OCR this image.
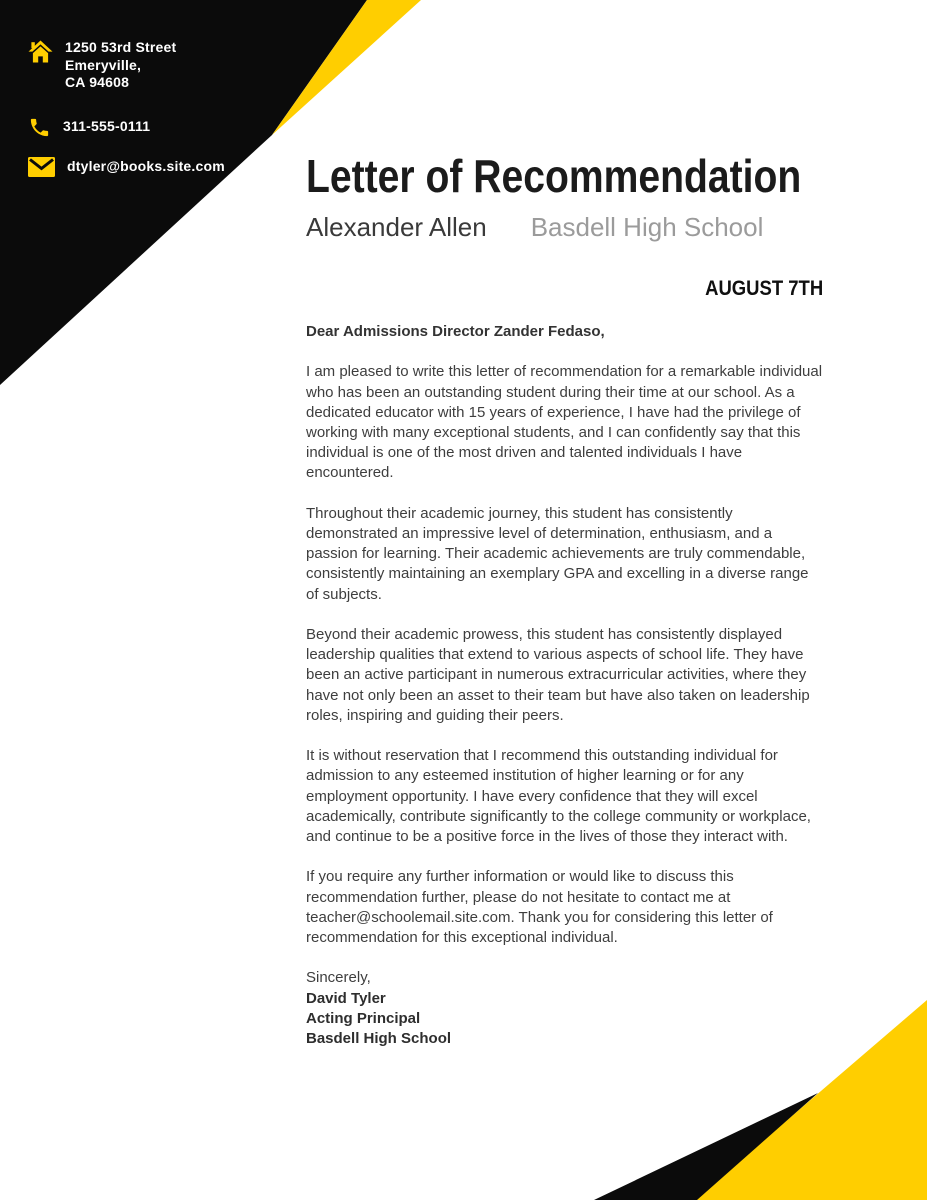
1250 53rd Street
Emeryville,
CA 94608
311-555-0111
dtyler@books.site.com Letter of Recommendation
Alexander Allen Basdell High School
AUGUST 7TH
Dear Admissions Director Zander Fedaso,

I am pleased to write this letter of recommendation for a remarkable individual who has been an outstanding student during their time at our school. As a dedicated educator with 15 years of experience, I have had the privilege of working with many exceptional students, and I can confidently say that this individual is one of the most driven and talented individuals I have encountered.

Throughout their academic journey, this student has consistently demonstrated an impressive level of determination, enthusiasm, and a passion for learning. Their academic achievements are truly commendable, consistently maintaining an exemplary GPA and excelling in a diverse range of subjects.

Beyond their academic prowess, this student has consistently displayed leadership qualities that extend to various aspects of school life. They have been an active participant in numerous extracurricular activities, where they have not only been an asset to their team but have also taken on leadership roles, inspiring and guiding their peers.

It is without reservation that I recommend this outstanding individual for admission to any esteemed institution of higher learning or for any employment opportunity. I have every confidence that they will excel academically, contribute significantly to the college community or workplace, and continue to be a positive force in the lives of those they interact with.

If you require any further information or would like to discuss this recommendation further, please do not hesitate to contact me at teacher@schoolemail.site.com. Thank you for considering this letter of recommendation for this exceptional individual.

Sincerely,
David Tyler
Acting Principal
Basdell High School
